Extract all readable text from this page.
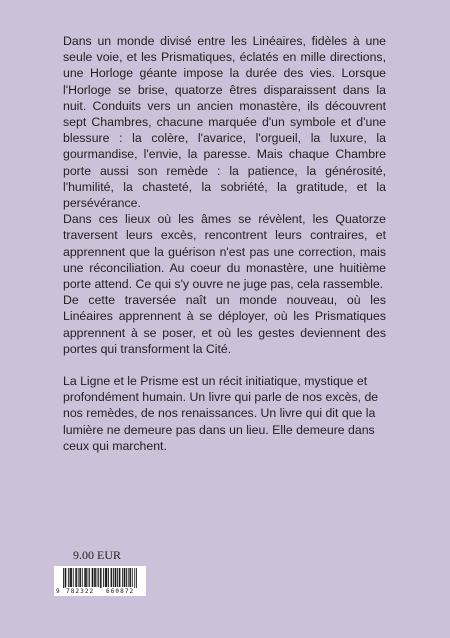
Dans un monde divisé entre les Linéaires, fidèles à une seule voie, et les Prismatiques, éclatés en mille directions, une Horloge géante impose la durée des vies. Lorsque l'Horloge se brise, quatorze êtres disparaissent dans la nuit. Conduits vers un ancien monastère, ils découvrent sept Chambres, chacune marquée d'un symbole et d'une blessure : la colère, l'avarice, l'orgueil, la luxure, la gourmandise, l'envie, la paresse. Mais chaque Chambre porte aussi son remède : la patience, la générosité, l'humilité, la chasteté, la sobriété, la gratitude, et la persévérance.

Dans ces lieux où les âmes se révèlent, les Quatorze traversent leurs excès, rencontrent leurs contraires, et apprennent que la guérison n'est pas une correction, mais une réconciliation. Au coeur du monastère, une huitième porte attend. Ce qui s'y ouvre ne juge pas, cela rassemble.

De cette traversée naît un monde nouveau, où les Linéaires apprennent à se déployer, où les Prismatiques apprennent à se poser, et où les gestes deviennent des portes qui transforment la Cité.

La Ligne et le Prisme est un récit initiatique, mystique et profondément humain. Un livre qui parle de nos excès, de nos remèdes, de nos renaissances. Un livre qui dit que la lumière ne demeure pas dans un lieu. Elle demeure dans ceux qui marchent.

9.00 EUR
9 782322 660872
